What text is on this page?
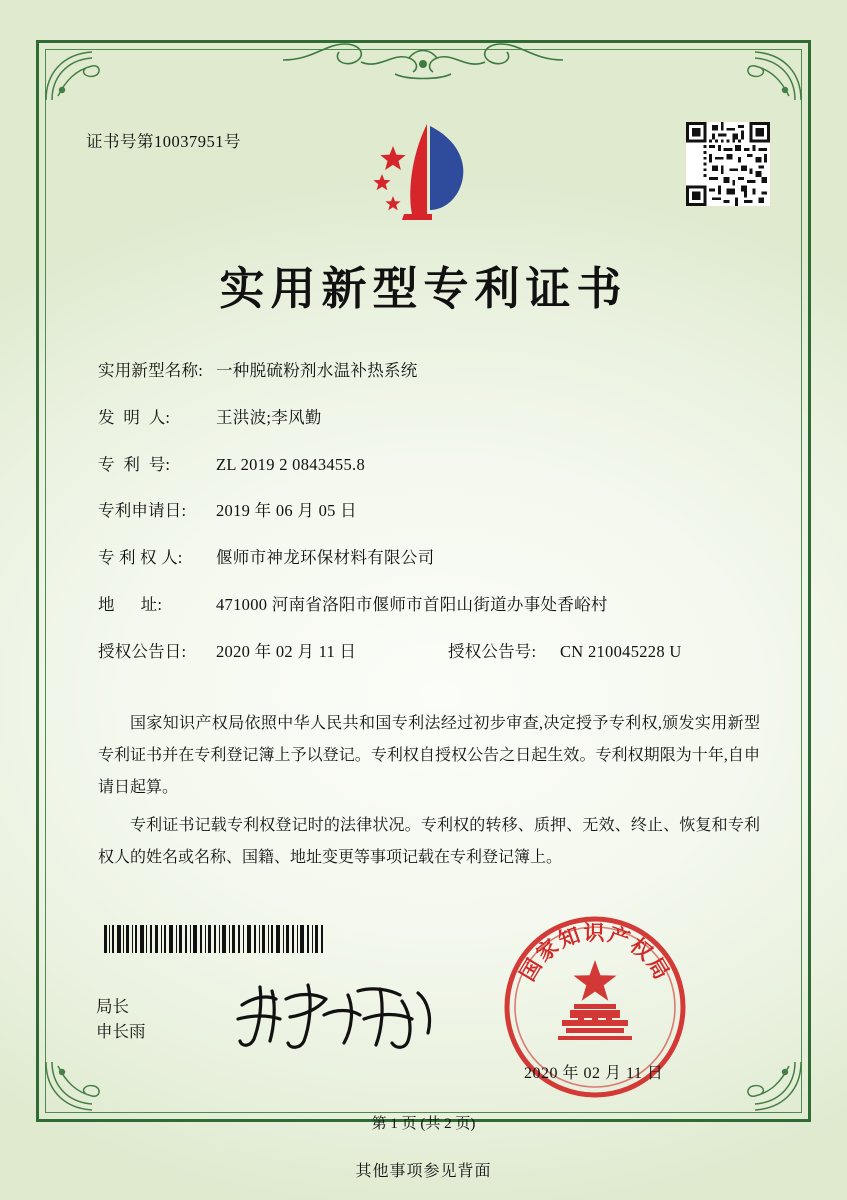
证书号第10037951号
实用新型专利证书
实用新型名称: 一种脱硫粉剂水温补热系统
发  明  人:	王洪波;李风勤
专  利  号:	ZL 2019 2 0843455.8
专利申请日:	2019 年 06 月 05 日
专 利 权 人:	偃师市神龙环保材料有限公司
地      址:	471000 河南省洛阳市偃师市首阳山街道办事处香峪村
授权公告日:	2020 年 02 月 11 日	授权公告号:	CN 210045228 U

国家知识产权局依照中华人民共和国专利法经过初步审查,决定授予专利权,颁发实用新型专利证书并在专利登记簿上予以登记。专利权自授权公告之日起生效。专利权期限为十年,自申请日起算。

专利证书记载专利权登记时的法律状况。专利权的转移、质押、无效、终止、恢复和专利权人的姓名或名称、国籍、地址变更等事项记载在专利登记簿上。

局长
申长雨
国家知识产权局
2020 年 02 月 11 日
第 1 页 (共 2 页)
其他事项参见背面
